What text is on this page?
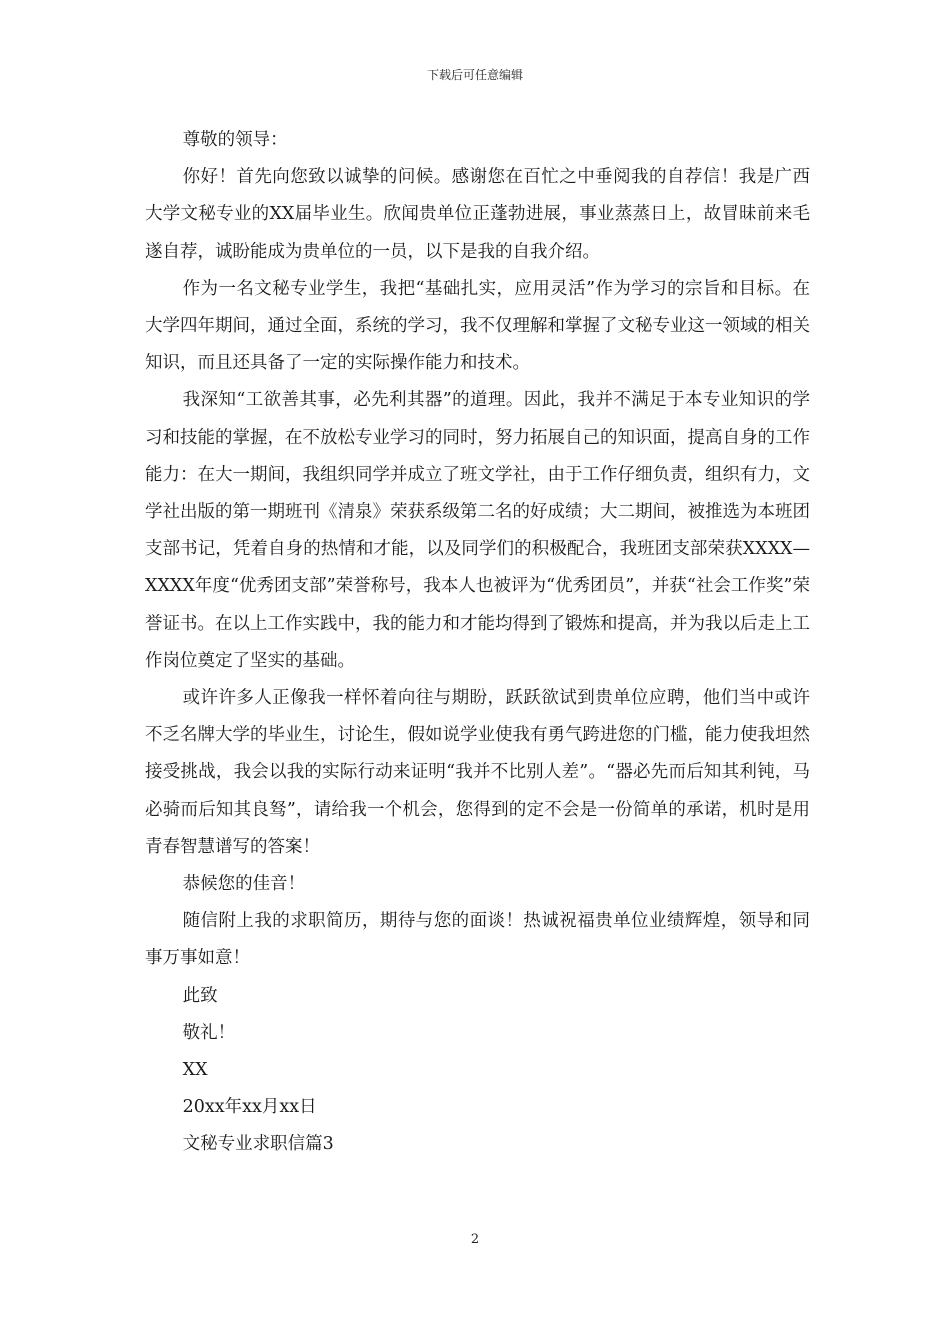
下载后可任意编辑

尊敬的领导：

你好！首先向您致以诚挚的问候。感谢您在百忙之中垂阅我的自荐信！我是广西大学文秘专业的XX届毕业生。欣闻贵单位正蓬勃进展，事业蒸蒸日上，故冒昧前来毛遂自荐，诚盼能成为贵单位的一员，以下是我的自我介绍。

作为一名文秘专业学生，我把“基础扎实，应用灵活”作为学习的宗旨和目标。在大学四年期间，通过全面，系统的学习，我不仅理解和掌握了文秘专业这一领域的相关知识，而且还具备了一定的实际操作能力和技术。

我深知“工欲善其事，必先利其器”的道理。因此，我并不满足于本专业知识的学习和技能的掌握，在不放松专业学习的同时，努力拓展自己的知识面，提高自身的工作能力：在大一期间，我组织同学并成立了班文学社，由于工作仔细负责，组织有力，文学社出版的第一期班刊《清泉》荣获系级第二名的好成绩；大二期间，被推选为本班团支部书记，凭着自身的热情和才能，以及同学们的积极配合，我班团支部荣获XXXX—XXXX年度“优秀团支部”荣誉称号，我本人也被评为“优秀团员”，并获“社会工作奖”荣誉证书。在以上工作实践中，我的能力和才能均得到了锻炼和提高，并为我以后走上工作岗位奠定了坚实的基础。

或许许多人正像我一样怀着向往与期盼，跃跃欲试到贵单位应聘，他们当中或许不乏名牌大学的毕业生，讨论生，假如说学业使我有勇气跨进您的门槛，能力使我坦然接受挑战，我会以我的实际行动来证明“我并不比别人差”。“器必先而后知其利钝，马必骑而后知其良驽”，请给我一个机会，您得到的定不会是一份简单的承诺，机时是用青春智慧谱写的答案！

恭候您的佳音！

随信附上我的求职简历，期待与您的面谈！热诚祝福贵单位业绩辉煌，领导和同事万事如意！

此致

敬礼！

XX

20xx年xx月xx日

文秘专业求职信篇3

2
